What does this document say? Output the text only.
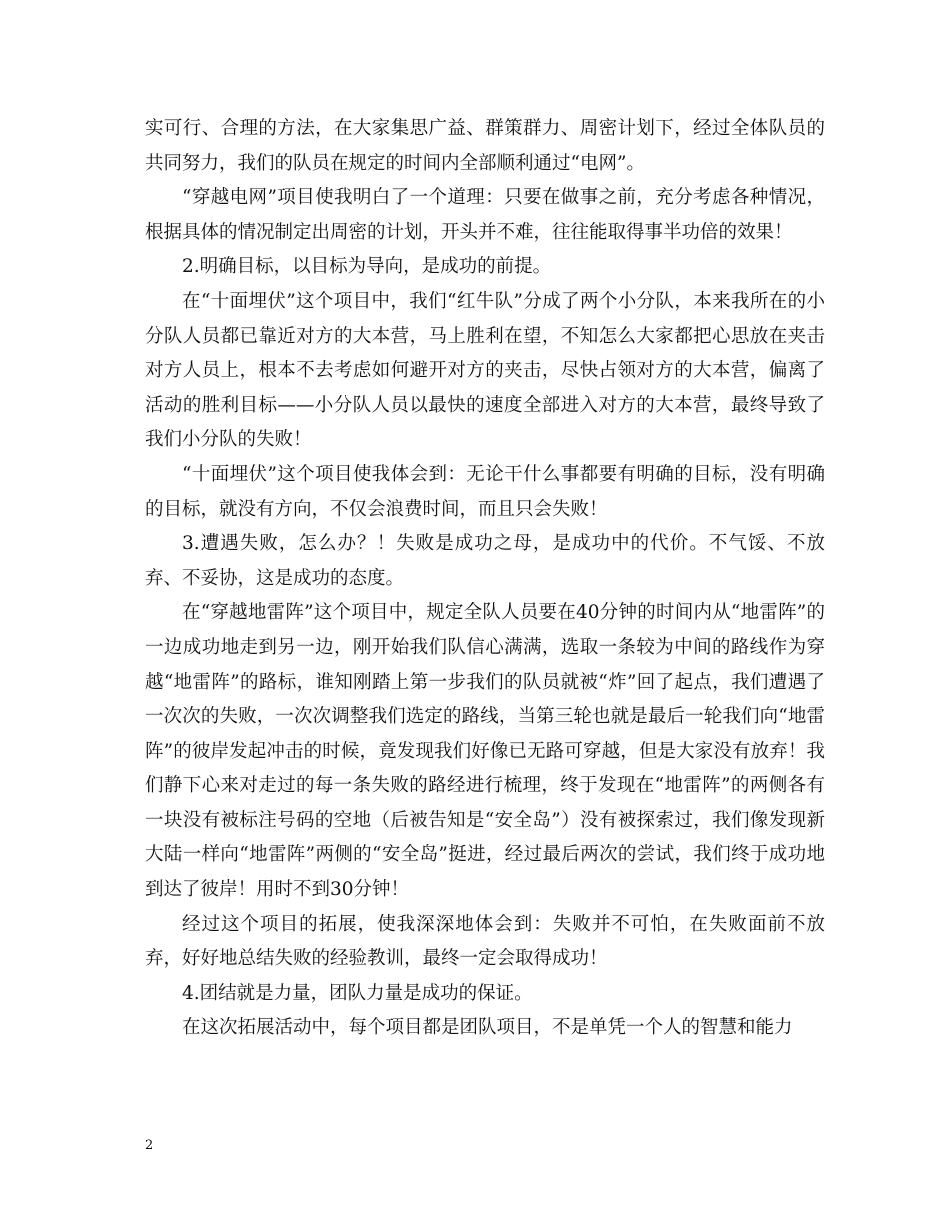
实可行、合理的方法，在大家集思广益、群策群力、周密计划下，经过全体队员的共同努力，我们的队员在规定的时间内全部顺利通过“电网”。

“穿越电网”项目使我明白了一个道理：只要在做事之前，充分考虑各种情况，根据具体的情况制定出周密的计划，开头并不难，往往能取得事半功倍的效果！

2.明确目标，以目标为导向，是成功的前提。

在“十面埋伏”这个项目中，我们“红牛队”分成了两个小分队，本来我所在的小分队人员都已靠近对方的大本营，马上胜利在望，不知怎么大家都把心思放在夹击对方人员上，根本不去考虑如何避开对方的夹击，尽快占领对方的大本营，偏离了活动的胜利目标——小分队人员以最快的速度全部进入对方的大本营，最终导致了我们小分队的失败！

“十面埋伏”这个项目使我体会到：无论干什么事都要有明确的目标，没有明确的目标，就没有方向，不仅会浪费时间，而且只会失败！

3.遭遇失败，怎么办？！失败是成功之母，是成功中的代价。不气馁、不放弃、不妥协，这是成功的态度。

在“穿越地雷阵”这个项目中，规定全队人员要在40分钟的时间内从“地雷阵”的一边成功地走到另一边，刚开始我们队信心满满，选取一条较为中间的路线作为穿越“地雷阵”的路标，谁知刚踏上第一步我们的队员就被“炸”回了起点，我们遭遇了一次次的失败，一次次调整我们选定的路线，当第三轮也就是最后一轮我们向“地雷阵”的彼岸发起冲击的时候，竟发现我们好像已无路可穿越，但是大家没有放弃！我们静下心来对走过的每一条失败的路经进行梳理，终于发现在“地雷阵”的两侧各有一块没有被标注号码的空地（后被告知是“安全岛”）没有被探索过，我们像发现新大陆一样向“地雷阵”两侧的“安全岛”挺进，经过最后两次的尝试，我们终于成功地到达了彼岸！用时不到30分钟！

经过这个项目的拓展，使我深深地体会到：失败并不可怕，在失败面前不放弃，好好地总结失败的经验教训，最终一定会取得成功！

4.团结就是力量，团队力量是成功的保证。

在这次拓展活动中，每个项目都是团队项目，不是单凭一个人的智慧和能力

2
